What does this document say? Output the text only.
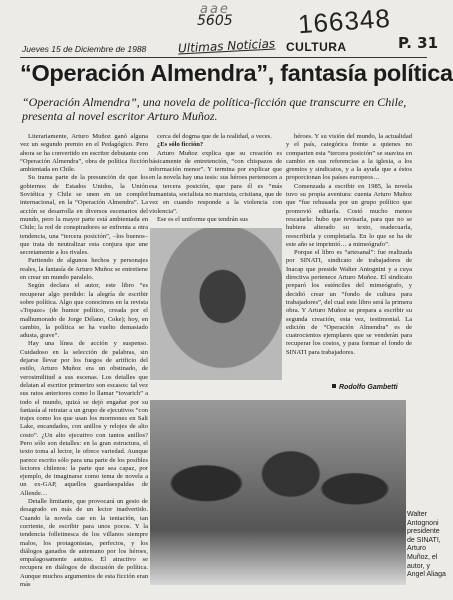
aae
5605 166348
Ultimas Noticias	P. 31
Jueves 15 de Diciembre de 1988	CULTURA
“Operación Almendra”, fantasía política

“Operación Almendra”, una novela de política-ficción que transcurre en Chile, presenta al novel escritor Arturo Muñoz.

Literariamente, Arturo Muñoz ganó alguna vez un segundo premio en el Pedagógico. Pero ahora se ha convertido en escritor debutante con “Operación Almendra”, obra de política ficción ambientada en Chile.

Su trama parte de la presunción de que los gobiernos de Estados Unidos, la Unión Soviética y Chile se unen en un complot internacional, en la “Operación Almendra”. La acción se desarrolla en diversos escenarios del mundo, pero la mayor parte está ambientada en Chile; la red de conspiradores se enfrenta a otra tendencia, una “tercera posición”, –los buenos– que trata de neutralizar esta conjura que une secretamente a los rivales.

Partiendo de algunos hechos y personajes reales, la fantasía de Arturo Muñoz se entretiene en crear un mundo paralelo.

Según declara el autor, este libro “es recuperar algo perdido: la alegría de escribir sobre política. Algo que conocimos en la revista «Topaze» (de humor político, creada por el malhumorado de Jorge Délano, Coke); hoy, en cambio, la política se ha vuelto demasiado adusta, grave”.

Hay una línea de acción y suspenso. Cuidadoso en la selección de palabras, sin dejarse llevar por los fuegos de artificio del estilo, Arturo Muñoz era un obstinado, de verosimilitud a sus escenas. Los detalles que delatan al escritor primerizo son escasos: tal vez sus ratos anteriores como lo llamar “tovarich” a todo el mundo, quizá se dejó engañar por su fantasía al retratar a un grupo de ejecutivos “con trajes como los que usan los mormones en Salt Lake, encandados, con anillos y relojes de alto costo”. ¿Un alto ejecutivo con tantos anillos? Pero sólo son detalles: en la gran estructura, el texto toma al lector, le ofrece variedad. Aunque parece escrito sólo para una parte de los posibles lectores chilenos: la parte que sea capaz, por ejemplo, de imaginarse como tema de novela a un ex-GAP, aquellos guardaespaldas de Allende…

Detalle limitante, que provocará un gesto de desagrado en más de un lector inadvertido. Cuando la novela cae en la tentación, tan corriente, de escribir para unos pocos. Y la tendencia folletinesca de los villanos siempre malos, los protagonistas, perfectos, y los diálogos ganados de antemano por los héroes, empalagosamente astutos. El atractivo se recupera en diálogos de discusión de política. Aunque muchos argumentos de esta ficción eran más

cerca del dogma que de la realidad, a veces.

¿Es sólo ficción?

Arturo Muñoz explica que su creación es básicamente de entretención, “con chispazos de información menor”. Y termina por explicar que en la novela hay una tesis: sus héroes pertenecen a esa tercera posición, que para él es “más humanista, socialista no marxista, cristiana, que de vez en cuando responde a la violencia con violencia”.

Ese es el uniforme que tendrán sus

héroes. Y su visión del mundo, la actualidad y el país, categórica frente a quienes no comparten esta “tercera posición” se suaviza en cambio en sus referencias a la iglesia, a los gremios y sindicatos, y a la ayuda que a éstos proporcionan los países europeos…

Comenzada a escribir en 1985, la novela tuvo su propia aventura: cuenta Arturo Muñoz que “fue rehusada por un grupo político que promovió editarla. Costó mucho menos rescatarla: hubo que revisarla, para que no se hubiera alterado su texto, readecuarla, reescribirla y completarla. En lo que se ha de este año se imprimió… a mimeógrafo”.

Porque el libro es “artesanal”: fue realizada por SINATI, sindicato de trabajadores de Inacap que preside Walter Antognini y a cuya directiva pertenece Arturo Muñoz. El sindicato preparó los esténciles del mimeógrafo, y decidió crear un “fondo de cultura para trabajadores”, del cual este libro será la primera obra. Y Arturo Muñoz se prepara a escribir su segunda creación, esta vez, testimonial. La edición de “Operación Almendra” es de cuatrocientos ejemplares que se venderán para recuperar los costos, y para formar el fondo de SINATI para trabajadores.

Rodolfo Gambetti
Walter Antognoni presidente de SINATI, Arturo Muñoz, el autor, y Angel Aliaga
